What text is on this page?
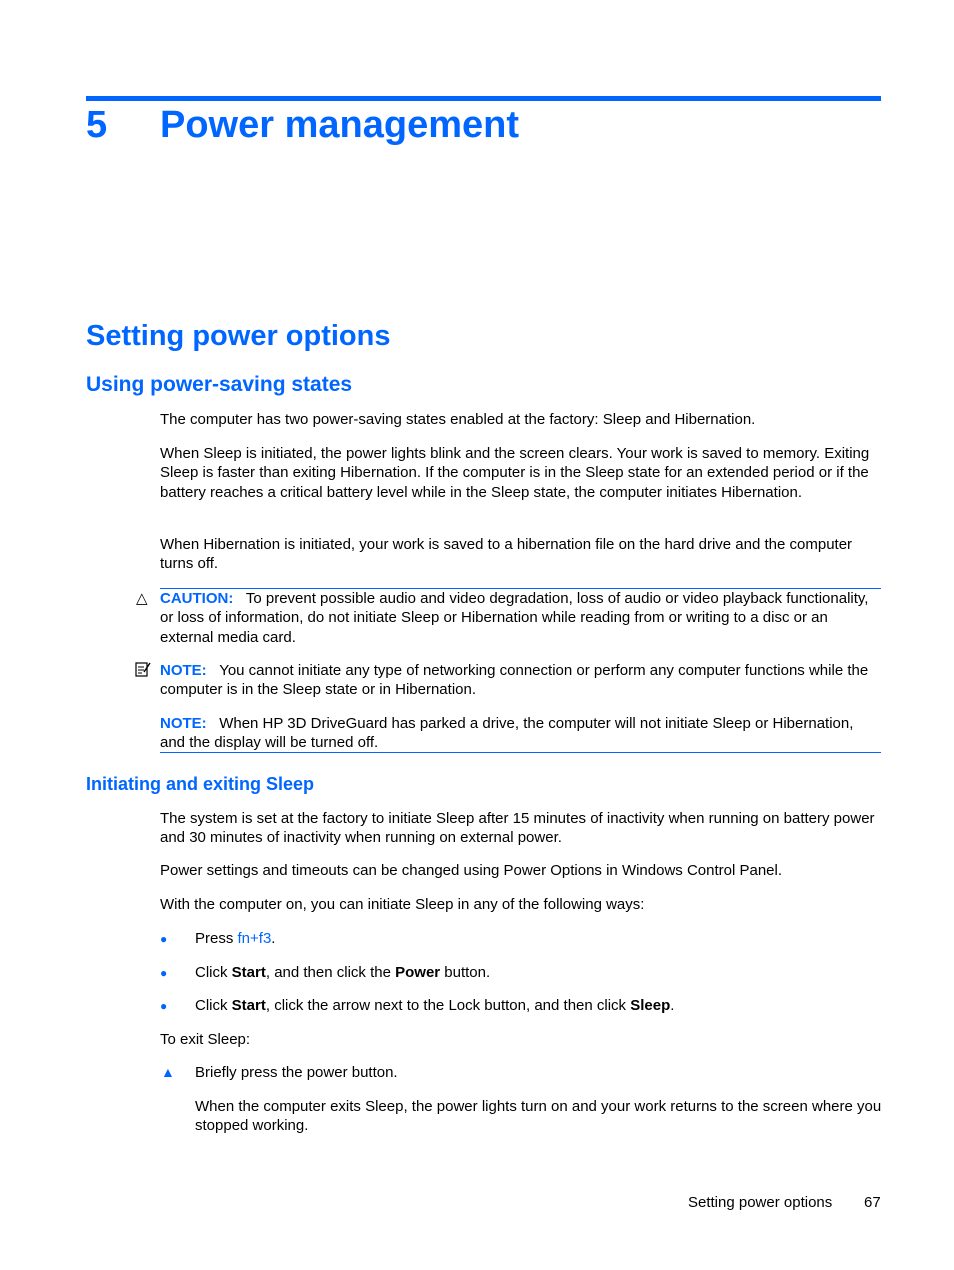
5 Power management
Setting power options
Using power-saving states

The computer has two power-saving states enabled at the factory: Sleep and Hibernation.

When Sleep is initiated, the power lights blink and the screen clears. Your work is saved to memory. Exiting Sleep is faster than exiting Hibernation. If the computer is in the Sleep state for an extended period or if the battery reaches a critical battery level while in the Sleep state, the computer initiates Hibernation.

When Hibernation is initiated, your work is saved to a hibernation file on the hard drive and the computer turns off.

△ CAUTION: To prevent possible audio and video degradation, loss of audio or video playback functionality, or loss of information, do not initiate Sleep or Hibernation while reading from or writing to a disc or an external media card.

NOTE: You cannot initiate any type of networking connection or perform any computer functions while the computer is in the Sleep state or in Hibernation.

NOTE: When HP 3D DriveGuard has parked a drive, the computer will not initiate Sleep or Hibernation, and the display will be turned off.

Initiating and exiting Sleep

The system is set at the factory to initiate Sleep after 15 minutes of inactivity when running on battery power and 30 minutes of inactivity when running on external power.

Power settings and timeouts can be changed using Power Options in Windows Control Panel.

With the computer on, you can initiate Sleep in any of the following ways:

● Press fn+f3.
● Click Start, and then click the Power button.
● Click Start, click the arrow next to the Lock button, and then click Sleep.

To exit Sleep:

▲ Briefly press the power button.

When the computer exits Sleep, the power lights turn on and your work returns to the screen where you stopped working.

Setting power options 67
